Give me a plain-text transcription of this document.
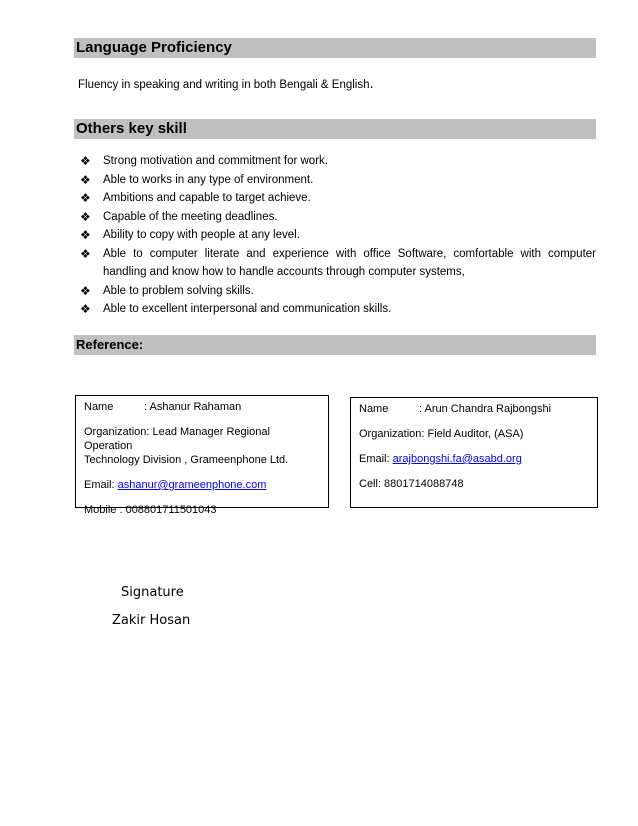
Language Proficiency
Fluency in speaking and writing in both Bengali & English.
Others key skill
❖ Strong motivation and commitment for work.
❖ Able to works in any type of environment.
❖ Ambitions and capable to target achieve.
❖ Capable of the meeting deadlines.
❖ Ability to copy with people at any level.
❖ Able to computer literate and experience with office Software, comfortable with computer handling and know how to handle accounts through computer systems,
❖ Able to problem solving skills.
❖ Able to excellent interpersonal and communication skills.
Reference:

Name	: Ashanur Rahaman

Organization: Lead Manager Regional Operation
Technology Division , Grameenphone Ltd.

Email: ashanur@grameenphone.com

Mobile : 008801711501043

Name	: Arun Chandra Rajbongshi

Organization: Field Auditor, (ASA)

Email: arajbongshi.fa@asabd.org

Cell: 8801714088748

Signature
Zakir Hosan
